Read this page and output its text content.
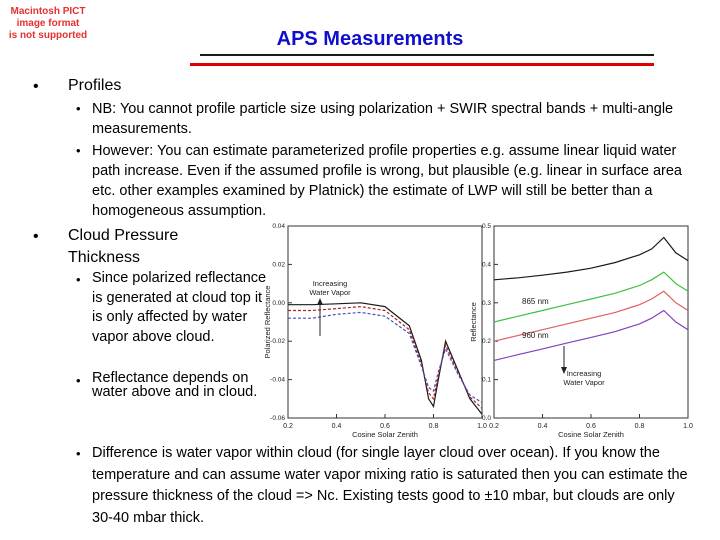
Macintosh PICT
image format
is not supported	APS Measurements
• Profiles
• NB: You cannot profile particle size using polarization + SWIR spectral bands + multi-angle measurements.
• However: You can estimate parameterized profile properties e.g. assume linear liquid water path increase. Even if the assumed profile is wrong, but plausible (e.g. linear in surface area etc. other examples examined by Platnick) the estimate of LWP will still be better than a homogeneous assumption.
• Cloud Pressure
Thickness
• Since polarized reflectance is generated at cloud top it is only affected by water vapor above cloud.
• Reflectance depends on water above and in cloud.
• Difference is water vapor within cloud (for single layer cloud over ocean). If you know the temperature and can assume water vapor mixing ratio is saturated then you can estimate the pressure thickness of the cloud => Nc. Existing tests good to ±10 mbar, but clouds are only 30-40 mbar thick.
0.2	0.4	0.6	0.8	1.0
0.04
0.02
0.00
-0.02
-0.04
-0.06
Cosine Solar Zenith
Polarized Reflectance
Increasing
Water Vapor
0.2	0.4	0.6	0.8	1.0
0.5
0.4
0.3
0.2
0.1
0.0
Cosine Solar Zenith
Reflectance
865 nm
960 nm
Increasing
Water Vapor
